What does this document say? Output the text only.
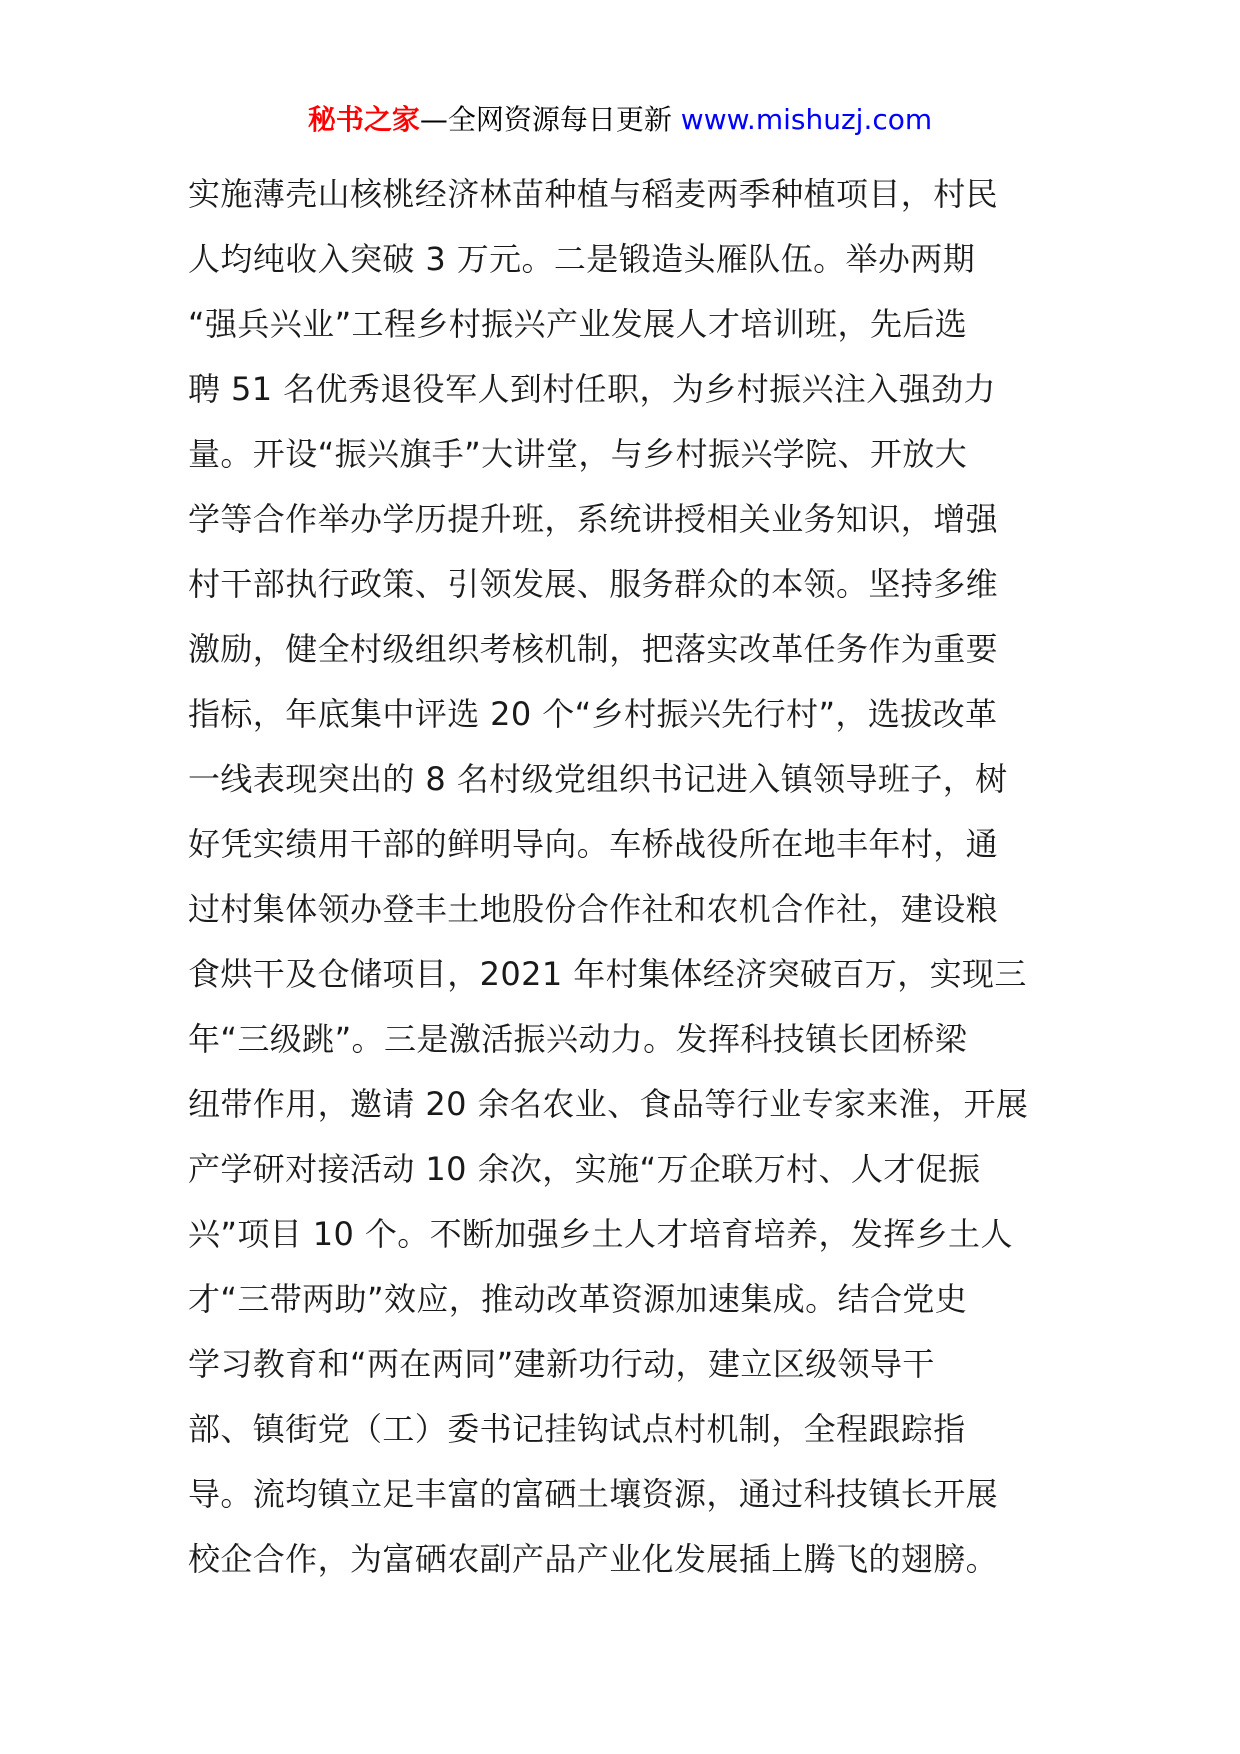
秘书之家—全网资源每日更新 www.mishuzj.com
实施薄壳山核桃经济林苗种植与稻麦两季种植项目，村民
人均纯收入突破 3 万元。二是锻造头雁队伍。举办两期
“强兵兴业”工程乡村振兴产业发展人才培训班，先后选
聘 51 名优秀退役军人到村任职，为乡村振兴注入强劲力
量。开设“振兴旗手”大讲堂，与乡村振兴学院、开放大
学等合作举办学历提升班，系统讲授相关业务知识，增强
村干部执行政策、引领发展、服务群众的本领。坚持多维
激励，健全村级组织考核机制，把落实改革任务作为重要
指标，年底集中评选 20 个“乡村振兴先行村”，选拔改革
一线表现突出的 8 名村级党组织书记进入镇领导班子，树
好凭实绩用干部的鲜明导向。车桥战役所在地丰年村，通
过村集体领办登丰土地股份合作社和农机合作社，建设粮
食烘干及仓储项目，2021 年村集体经济突破百万，实现三
年“三级跳”。三是激活振兴动力。发挥科技镇长团桥梁
纽带作用，邀请 20 余名农业、食品等行业专家来淮，开展
产学研对接活动 10 余次，实施“万企联万村、人才促振
兴”项目 10 个。不断加强乡土人才培育培养，发挥乡土人
才“三带两助”效应，推动改革资源加速集成。结合党史
学习教育和“两在两同”建新功行动，建立区级领导干
部、镇街党（工）委书记挂钩试点村机制，全程跟踪指
导。流均镇立足丰富的富硒土壤资源，通过科技镇长开展
校企合作，为富硒农副产品产业化发展插上腾飞的翅膀。
